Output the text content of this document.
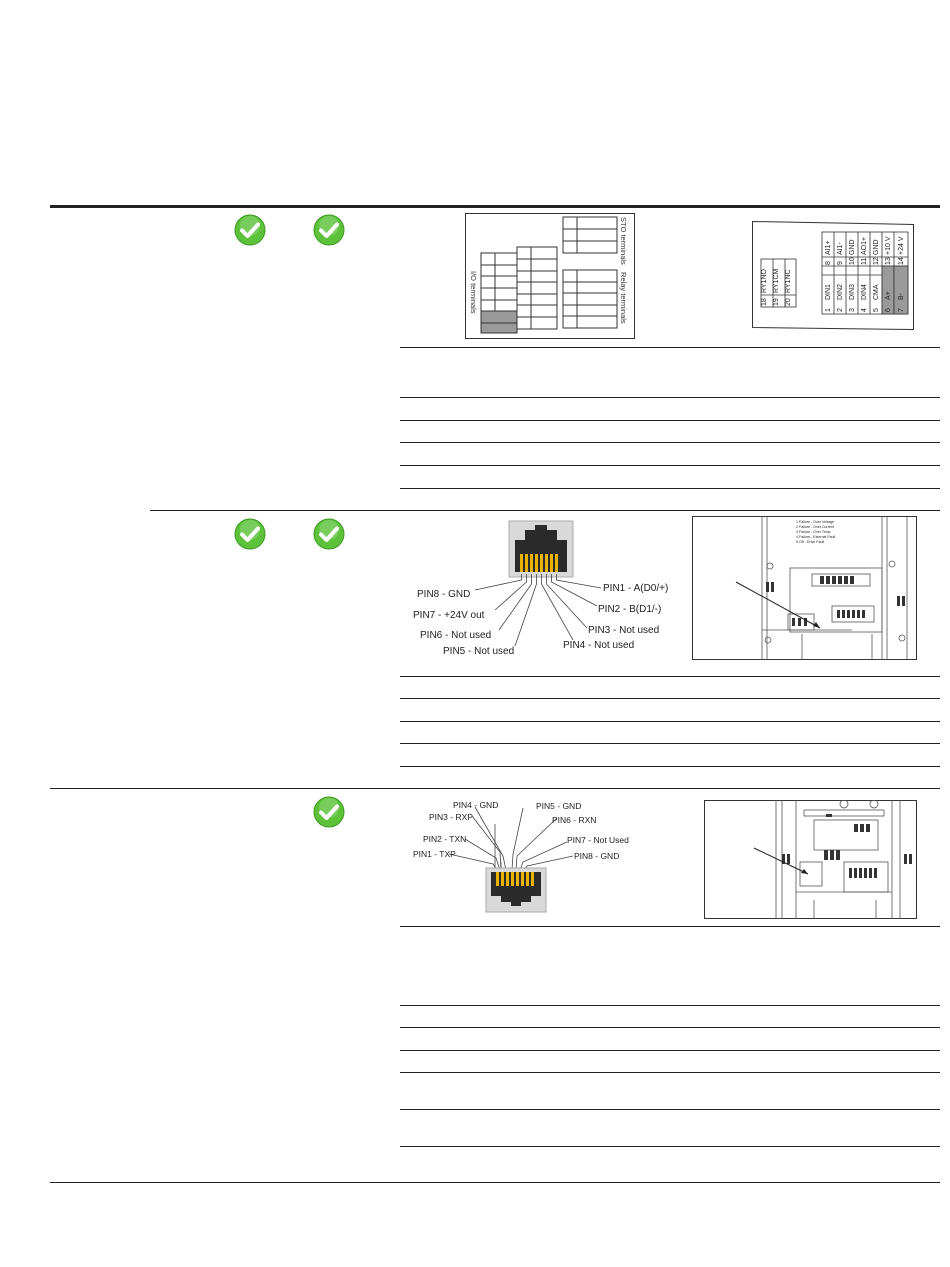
STO terminals
Relay terminals
I/O terminals	18
RY1NO
19
RY1CM
20
RY1NC
1
DIN1
2
DIN2
3
DIN3
4
DIN4
5
CMA
6
A+
7
B-
8
AI1+
9
AI1-
10
GND
11
AO1+
12
GND
13
+10 V
14
+24 V
PIN8 - GND
PIN7 - +24V out
PIN6 - Not used
PIN5 - Not used
PIN4 - Not used
PIN3 - Not used
PIN2 - B(D1/-)
PIN1 - A(D0/+)
1 Failure - Over Voltage
2 Failure - Over Current
3 Failure - Over Temp
4 Failure - External Fault
5 Off - Drive Fault
PIN4 - GND
PIN3 - RXP
PIN2 - TXN
PIN1 - TXP
PIN5 - GND
PIN6 - RXN
PIN7 - Not Used
PIN8 - GND
